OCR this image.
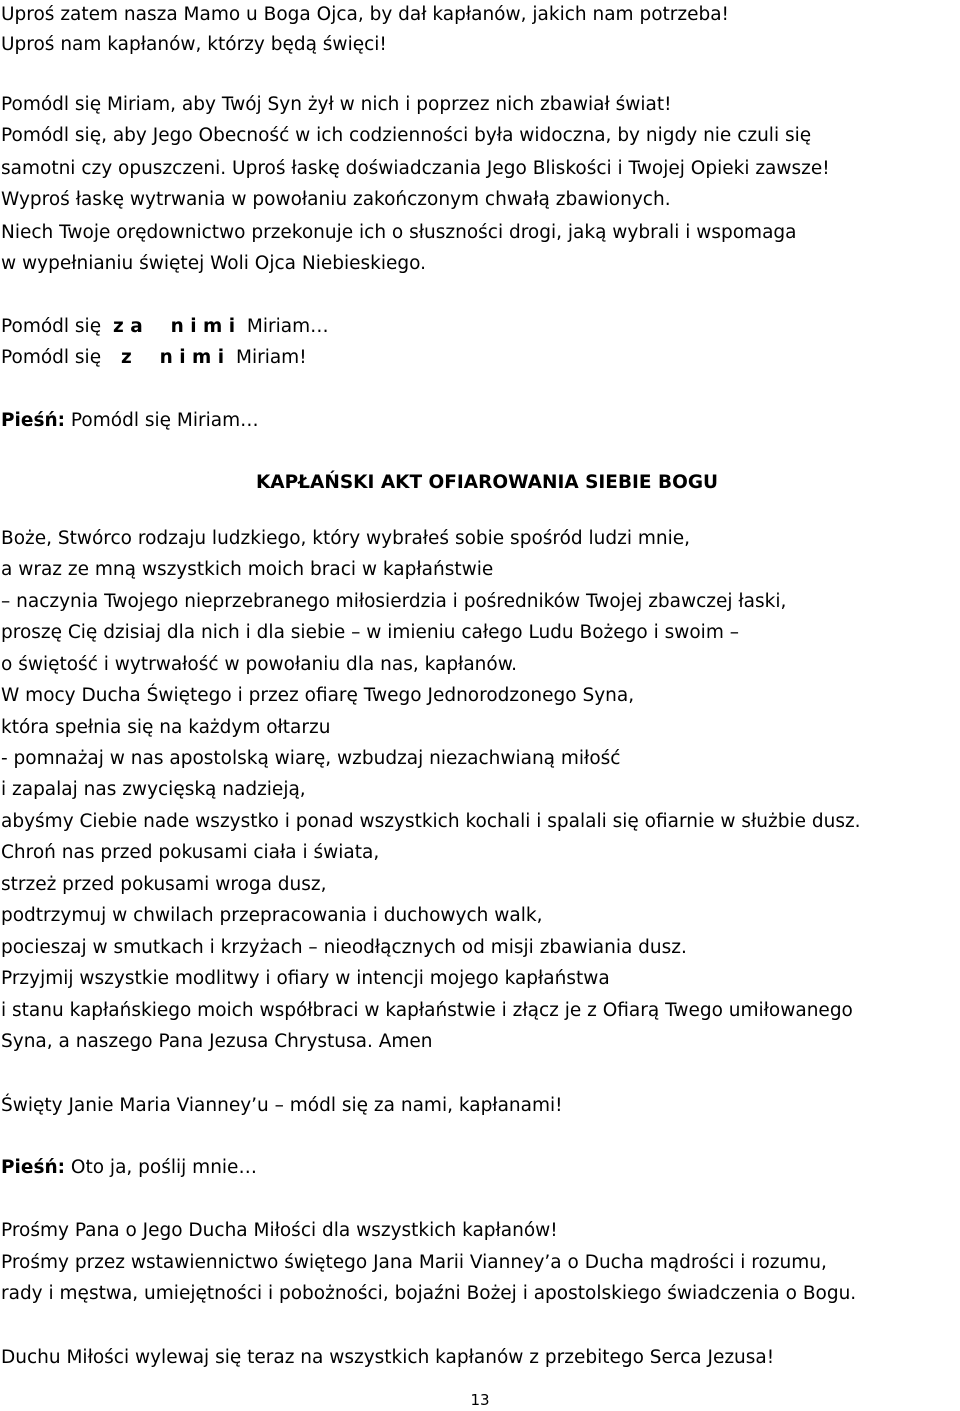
Uproś zatem nasza Mamo u Boga Ojca, by dał kapłanów, jakich nam potrzeba!

Uproś nam kapłanów, którzy będą święci!

Pomódl się Miriam, aby Twój Syn żył w nich i poprzez nich zbawiał świat!

Pomódl się, aby Jego Obecność w ich codzienności była widoczna, by nigdy nie czuli się

samotni czy opuszczeni. Uproś łaskę doświadczania Jego Bliskości i Twojej Opieki zawsze!

Wyproś łaskę wytrwania w powołaniu zakończonym chwałą zbawionych.

Niech Twoje orędownictwo przekonuje ich o słuszności drogi, jaką wybrali i wspomaga

w wypełnianiu świętej Woli Ojca Niebieskiego.

Pomódl się z a n i m i Miriam…

Pomódl się z n i m i Miriam!

Pieśń: Pomódl się Miriam…

KAPŁAŃSKI AKT OFIAROWANIA SIEBIE BOGU

Boże, Stwórco rodzaju ludzkiego, który wybrałeś sobie spośród ludzi mnie,

a wraz ze mną wszystkich moich braci w kapłaństwie

– naczynia Twojego nieprzebranego miłosierdzia i pośredników Twojej zbawczej łaski,

proszę Cię dzisiaj dla nich i dla siebie – w imieniu całego Ludu Bożego i swoim –

o świętość i wytrwałość w powołaniu dla nas, kapłanów.

W mocy Ducha Świętego i przez ofiarę Twego Jednorodzonego Syna,

która spełnia się na każdym ołtarzu

- pomnażaj w nas apostolską wiarę, wzbudzaj niezachwianą miłość

i zapalaj nas zwycięską nadzieją,

abyśmy Ciebie nade wszystko i ponad wszystkich kochali i spalali się ofiarnie w służbie dusz.

Chroń nas przed pokusami ciała i świata,

strzeż przed pokusami wroga dusz,

podtrzymuj w chwilach przepracowania i duchowych walk,

pocieszaj w smutkach i krzyżach – nieodłącznych od misji zbawiania dusz.

Przyjmij wszystkie modlitwy i ofiary w intencji mojego kapłaństwa

i stanu kapłańskiego moich współbraci w kapłaństwie i złącz je z Ofiarą Twego umiłowanego

Syna, a naszego Pana Jezusa Chrystusa. Amen

Święty Janie Maria Vianney’u – módl się za nami, kapłanami!

Pieśń: Oto ja, poślij mnie…

Prośmy Pana o Jego Ducha Miłości dla wszystkich kapłanów!

Prośmy przez wstawiennictwo świętego Jana Marii Vianney’a o Ducha mądrości i rozumu,

rady i męstwa, umiejętności i pobożności, bojaźni Bożej i apostolskiego świadczenia o Bogu.

Duchu Miłości wylewaj się teraz na wszystkich kapłanów z przebitego Serca Jezusa!

13
